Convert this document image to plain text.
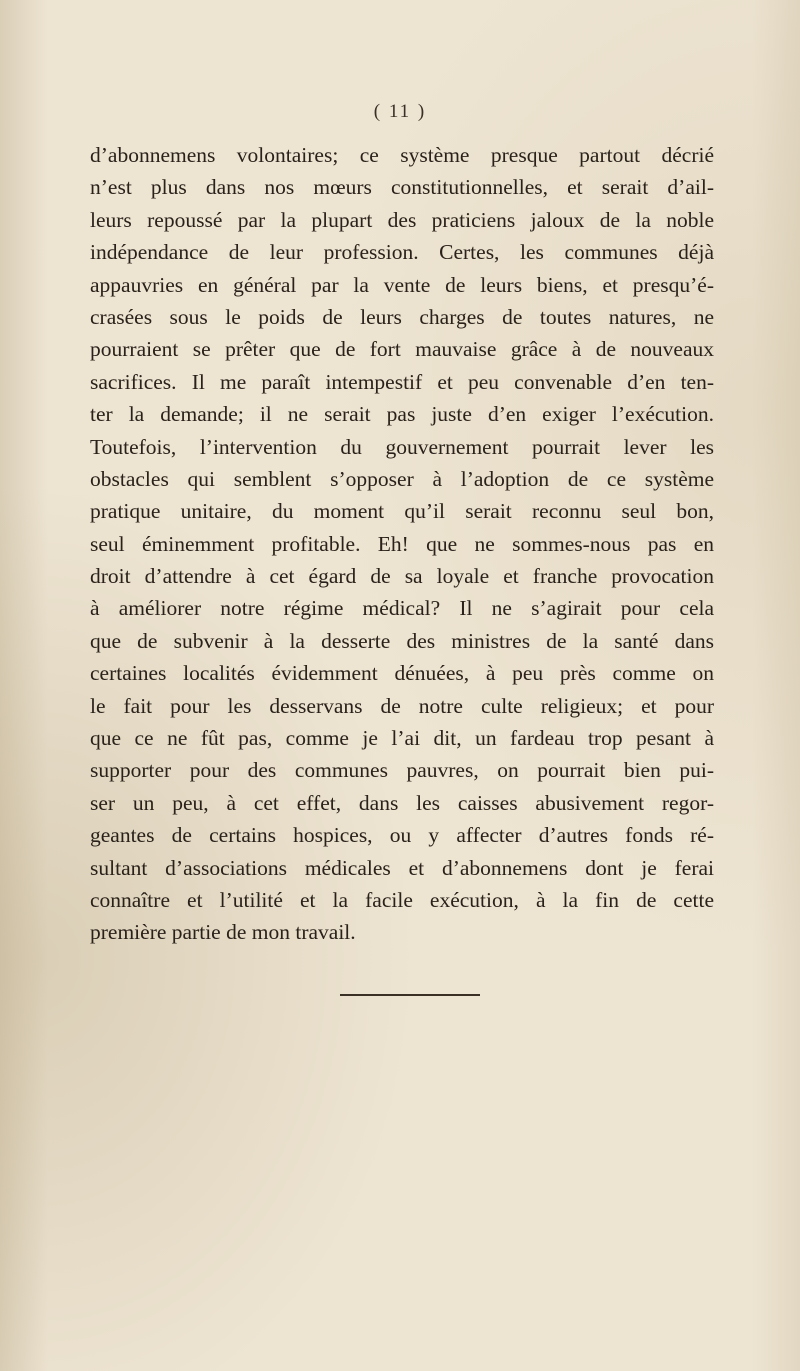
( 11 )
d’abonnemens volontaires; ce système presque partout décrié
n’est plus dans nos mœurs constitutionnelles, et serait d’ail-
leurs repoussé par la plupart des praticiens jaloux de la noble
indépendance de leur profession. Certes, les communes déjà
appauvries en général par la vente de leurs biens, et presqu’é-
crasées sous le poids de leurs charges de toutes natures, ne
pourraient se prêter que de fort mauvaise grâce à de nouveaux
sacrifices. Il me paraît intempestif et peu convenable d’en ten-
ter la demande; il ne serait pas juste d’en exiger l’exécution.
Toutefois, l’intervention du gouvernement pourrait lever les
obstacles qui semblent s’opposer à l’adoption de ce système
pratique unitaire, du moment qu’il serait reconnu seul bon,
seul éminemment profitable. Eh! que ne sommes-nous pas en
droit d’attendre à cet égard de sa loyale et franche provocation
à améliorer notre régime médical? Il ne s’agirait pour cela
que de subvenir à la desserte des ministres de la santé dans
certaines localités évidemment dénuées, à peu près comme on
le fait pour les desservans de notre culte religieux; et pour
que ce ne fût pas, comme je l’ai dit, un fardeau trop pesant à
supporter pour des communes pauvres, on pourrait bien pui-
ser un peu, à cet effet, dans les caisses abusivement regor-
geantes de certains hospices, ou y affecter d’autres fonds ré-
sultant d’associations médicales et d’abonnemens dont je ferai
connaître et l’utilité et la facile exécution, à la fin de cette
première partie de mon travail.
